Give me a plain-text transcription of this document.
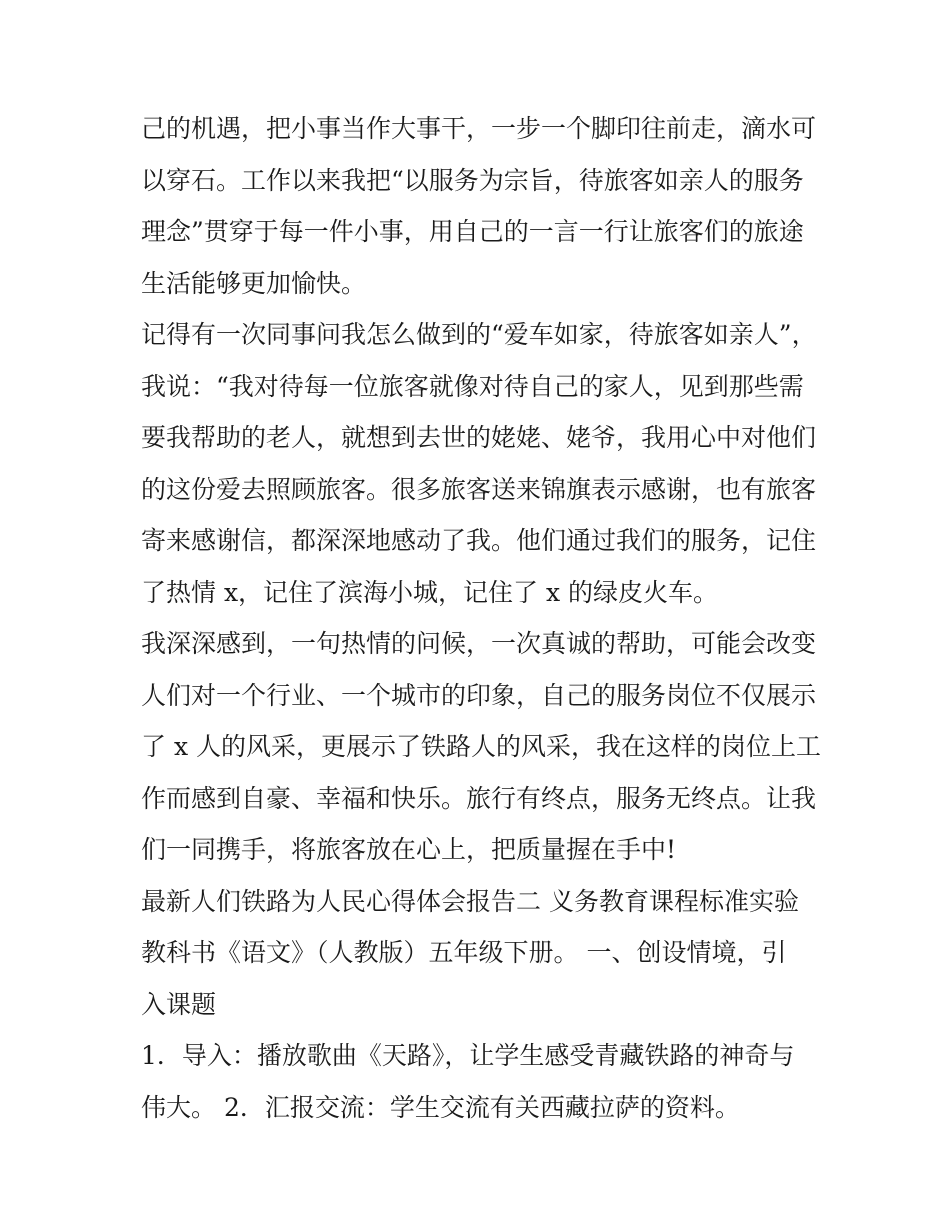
己的机遇，把小事当作大事干，一步一个脚印往前走，滴水可
以穿石。工作以来我把“以服务为宗旨，待旅客如亲人的服务
理念”贯穿于每一件小事，用自己的一言一行让旅客们的旅途
生活能够更加愉快。
记得有一次同事问我怎么做到的“爱车如家，待旅客如亲人”，
我说：“我对待每一位旅客就像对待自己的家人，见到那些需
要我帮助的老人，就想到去世的姥姥、姥爷，我用心中对他们
的这份爱去照顾旅客。很多旅客送来锦旗表示感谢，也有旅客
寄来感谢信，都深深地感动了我。他们通过我们的服务，记住
了热情 x，记住了滨海小城，记住了 x 的绿皮火车。
我深深感到，一句热情的问候，一次真诚的帮助，可能会改变
人们对一个行业、一个城市的印象，自己的服务岗位不仅展示
了 x 人的风采，更展示了铁路人的风采，我在这样的岗位上工
作而感到自豪、幸福和快乐。旅行有终点，服务无终点。让我
们一同携手，将旅客放在心上，把质量握在手中!
最新人们铁路为人民心得体会报告二 义务教育课程标准实验
教科书《语文》（人教版）五年级下册。 一、创设情境，引
入课题
1．导入：播放歌曲《天路》，让学生感受青藏铁路的神奇与
伟大。 2．汇报交流：学生交流有关西藏拉萨的资料。
